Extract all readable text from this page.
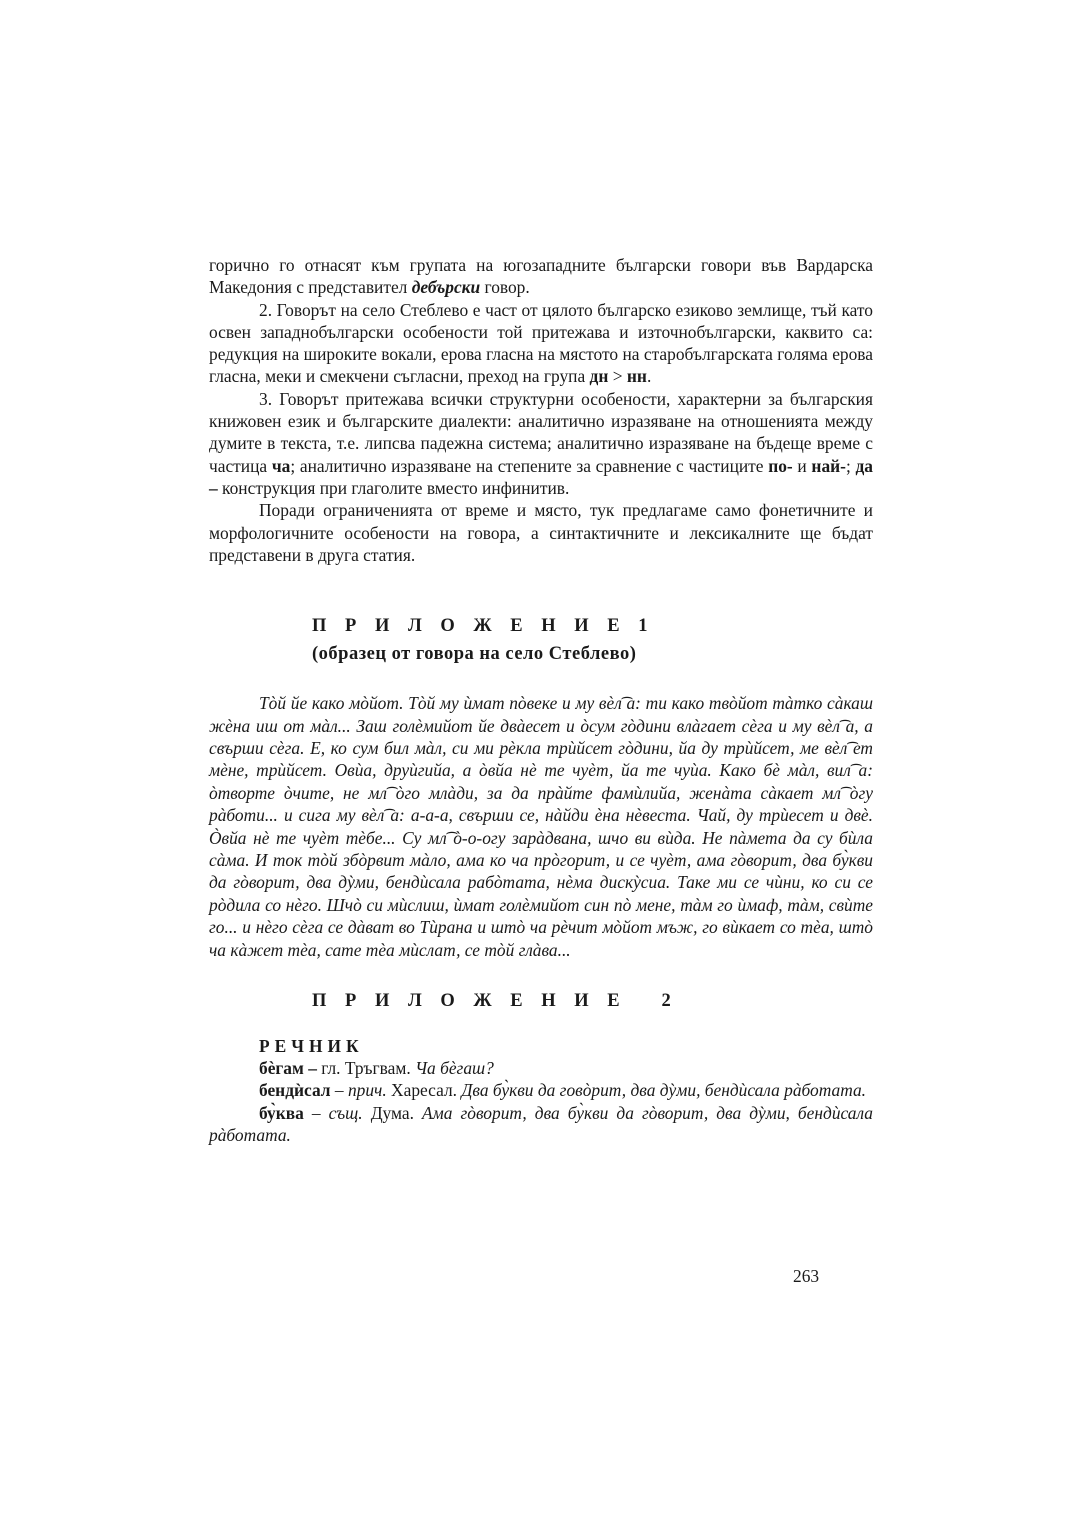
горично го отнасят към групата на югозападните български говори във Вардарска Македония с представител дебърски говор.

2. Говорът на село Стеблево е част от цялото българско езиково землище, тъй като освен западнобългарски особености той притежава и източнобългарски, каквито са: редукция на широките вокали, ерова гласна на мястото на старобългарската голяма ерова гласна, меки и смекчени съгласни, преход на група дн > нн.

3. Говорът притежава всички структурни особености, характерни за българския книжовен език и българските диалекти: аналитично изразяване на отношенията между думите в текста, т.е. липсва падежна система; аналитично изразяване на бъдеще време с частица ча; аналитично изразяване на степените за сравнение с частиците по- и най-; да – конструкция при глаголите вместо инфинитив.

Поради ограниченията от време и място, тук предлагаме само фонетичните и морфологичните особености на говора, а синтактичните и лексикалните ще бъдат представени в друга статия.

П Р И Л О Ж Е Н И Е 1
(образец от говора на село Стеблево)

Тòй йе како мòйот. Тòй му ѝмат пòвеке и му вѐл͡ а: ти како твòйот тàтко сàкаш жѐна иш от мàл... Заш голѐмийот йе двàесет и òсум гòдини влàгает сѐга и му вѐл͡ а, а свърши сѐга. Е, ко сум бил мàл, си ми рѐкла трѝйсет гòдини, йа ду трѝйсет, ме вѐл͡ ет мѐне, трѝйсет. Овѝа, друѝгийа, а òвйа нѐ те чуѐт, йа те чуѝа. Како бѐ мàл, вил͡ а: òтворте òчите, не мл͡ òго млàди, за да прàйте фамѝлийа, женàта сàкает мл͡ òгу рàботи... и сига му вѐл͡ а: а-а-а, свърши се, нàйди ѐна нѐвеста. Чай, ду трѝесет и двѐ. Òвйа нѐ те чуѐт тѐбе... Су мл͡ ò-о-огу зарàдвана, шчо ви вѝда. Не пàмета да су бѝла сàма. И ток тòй збòрвит мàло, ама ко ча прòгорит, и се чуѐт, ама гòворит, два бу̀кви да гòворит, два дỳми, бендѝсала рабòтата, нѐма дискỳсиа. Таке ми се чѝни, ко си се рòдила со нѐго. Шчò си мѝслиш, ѝмат голѐмийот син пò мене, тàм го ѝмаф, тàм, свѝте го... и нѐго сѐга се дàват во Тѝрана и штò ча рѐчит мòйот мъж, го вѝкает со тѐа, штò ча кàжет тѐа, сате тѐа мѝслат, се тòй глàва...

П Р И Л О Ж Е Н И Е   2
РЕЧНИК

бѐгам – гл. Тръгвам. Ча бѐгаш?

бендѝсал – прич. Харесал. Два бу̀кви да говòрит, два дỳми, бендѝсала рàботата.

бу̀ква – същ. Дума. Ама гòворит, два бу̀кви да гòворит, два дỳми, бендѝсала рàботата.

263
